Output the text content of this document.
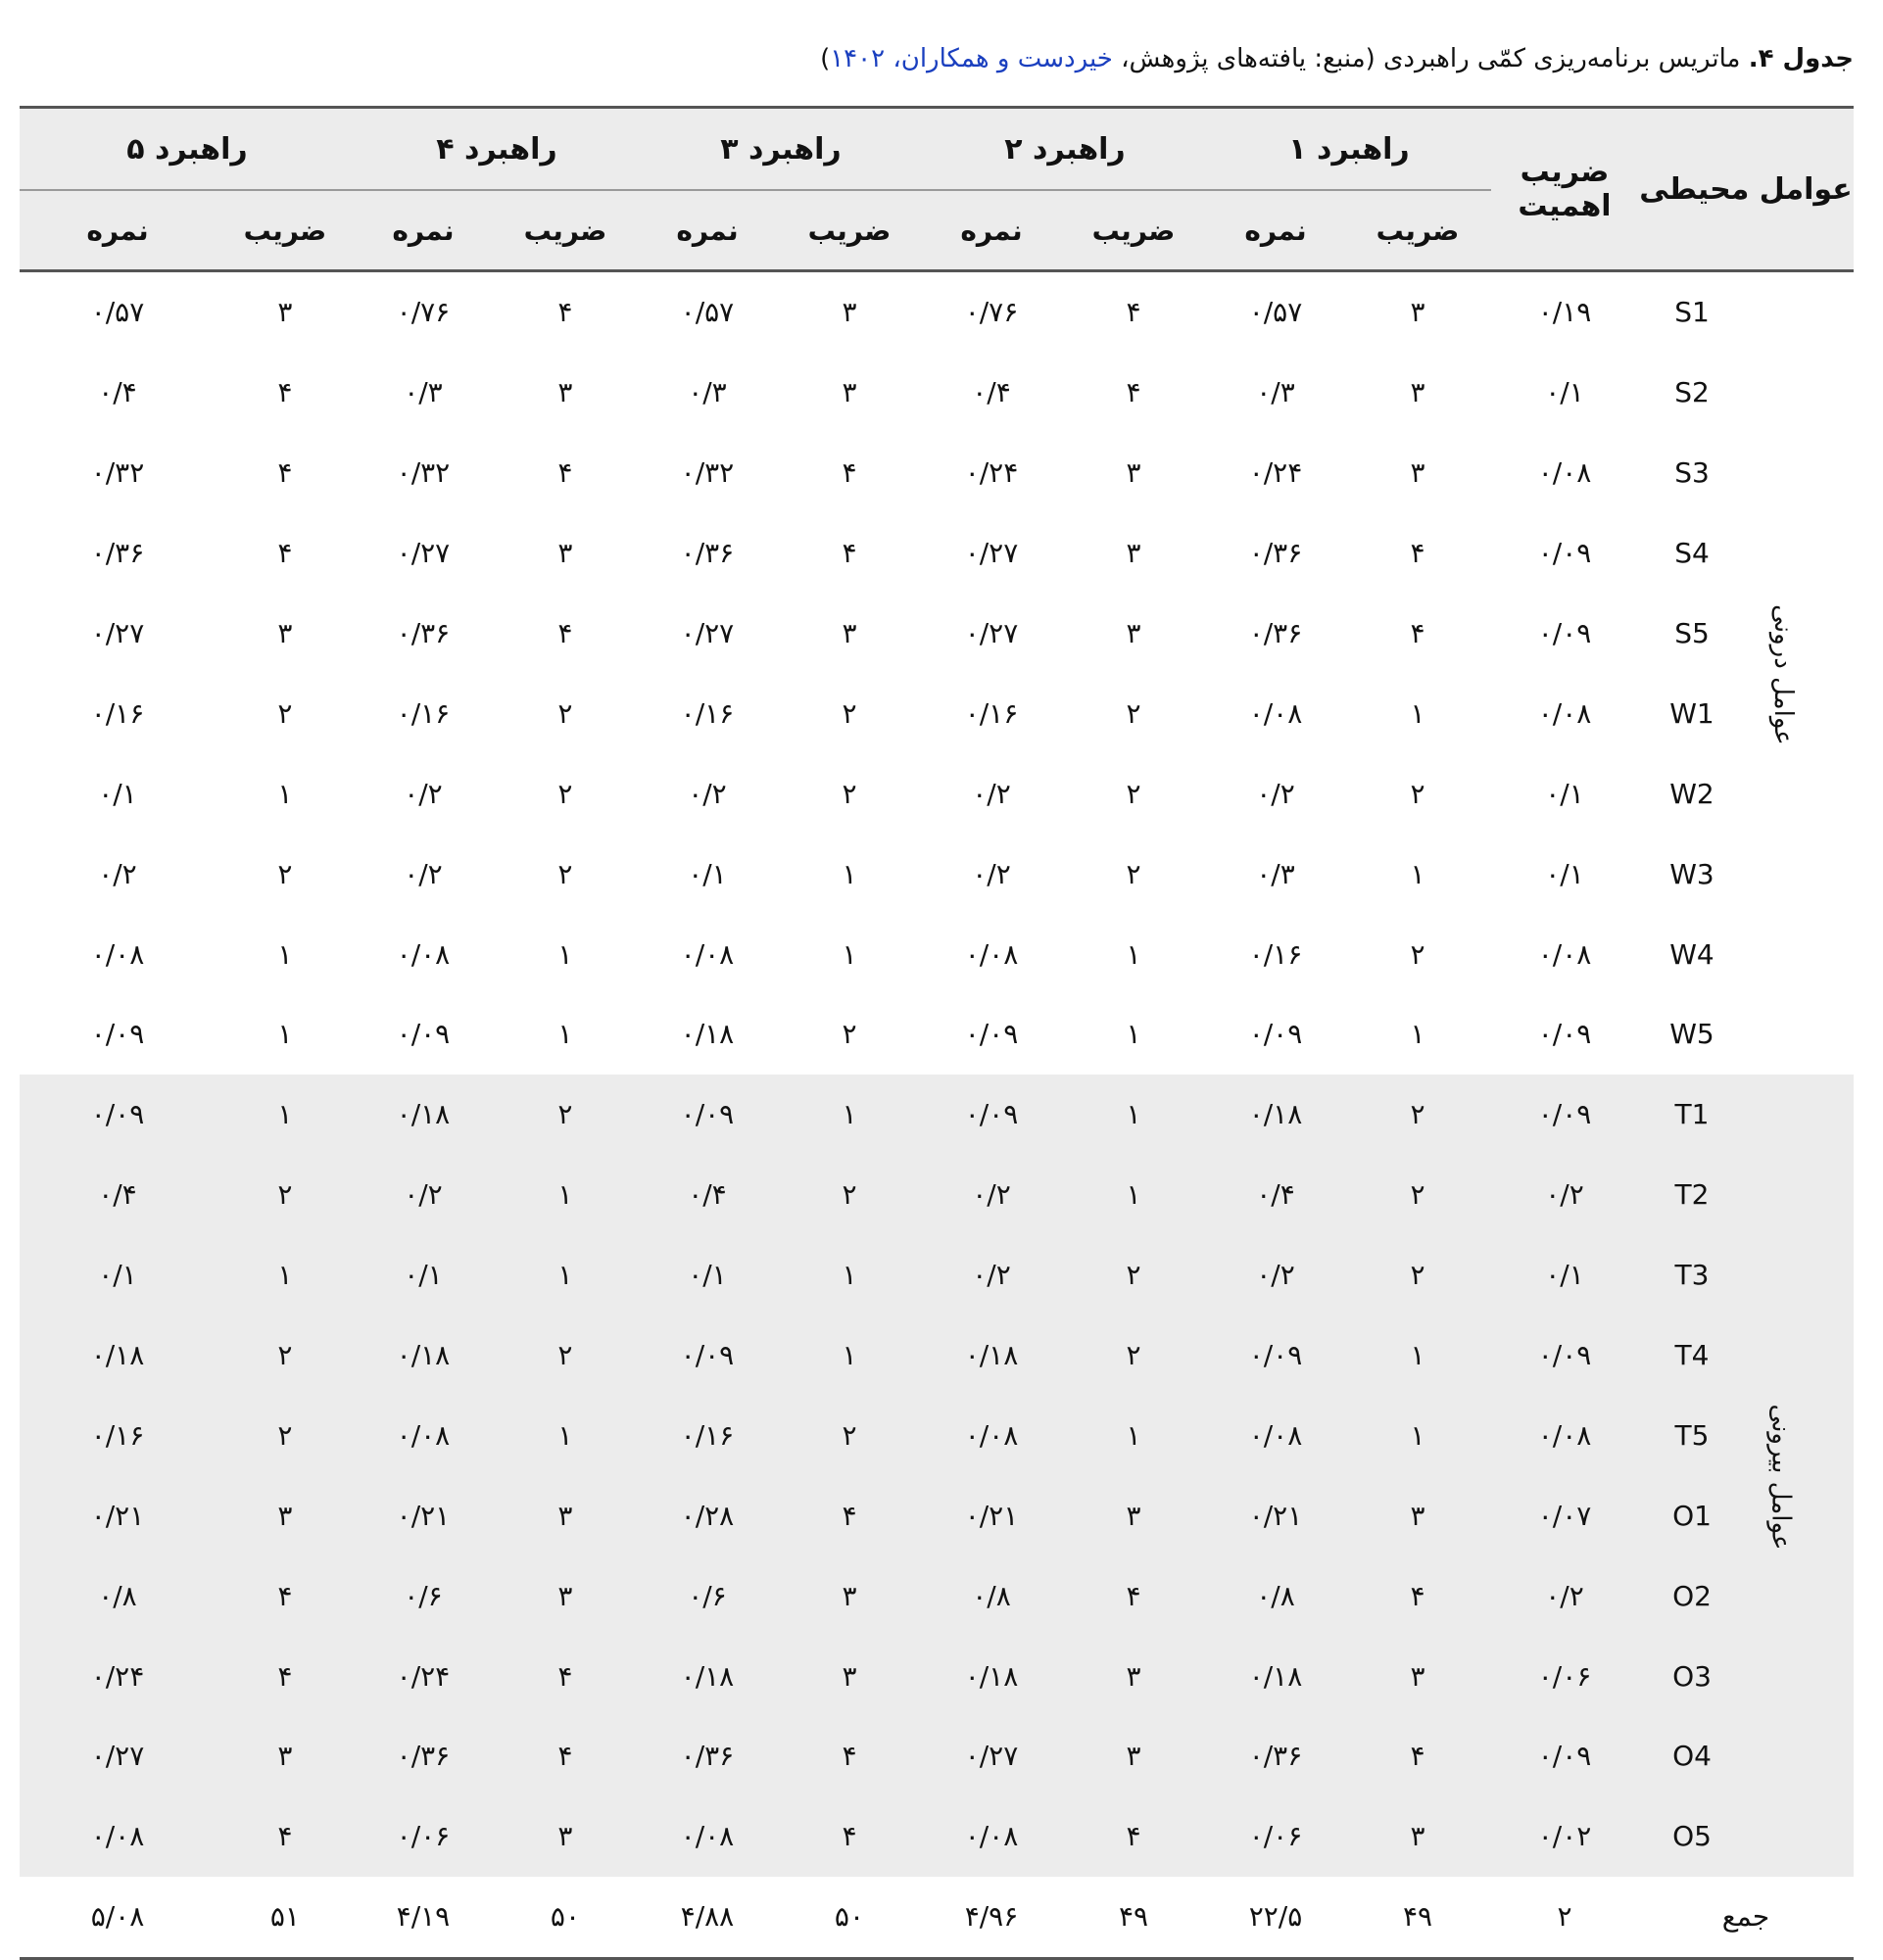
جدول ۴. ماتریس برنامه‌ریزی کمّی راهبردی (منبع: یافته‌های پژوهش، خیردست و همکاران، ۱۴۰۲)
عوامل محیطی		ضریب اهمیت	راهبرد ۱		راهبرد ۲		راهبرد ۳		راهبرد ۴		راهبرد ۵	
			ضریب	نمره	ضریب	نمره	ضریب	نمره	ضریب	نمره	ضریب	نمره
عوامل درونی	S1	۰/۱۹	۳	۰/۵۷	۴	۰/۷۶	۳	۰/۵۷	۴	۰/۷۶	۳	۰/۵۷
	S2	۰/۱	۳	۰/۳	۴	۰/۴	۳	۰/۳	۳	۰/۳	۴	۰/۴
	S3	۰/۰۸	۳	۰/۲۴	۳	۰/۲۴	۴	۰/۳۲	۴	۰/۳۲	۴	۰/۳۲
	S4	۰/۰۹	۴	۰/۳۶	۳	۰/۲۷	۴	۰/۳۶	۳	۰/۲۷	۴	۰/۳۶
	S5	۰/۰۹	۴	۰/۳۶	۳	۰/۲۷	۳	۰/۲۷	۴	۰/۳۶	۳	۰/۲۷
	W1	۰/۰۸	۱	۰/۰۸	۲	۰/۱۶	۲	۰/۱۶	۲	۰/۱۶	۲	۰/۱۶
	W2	۰/۱	۲	۰/۲	۲	۰/۲	۲	۰/۲	۲	۰/۲	۱	۰/۱
	W3	۰/۱	۱	۰/۳	۲	۰/۲	۱	۰/۱	۲	۰/۲	۲	۰/۲
	W4	۰/۰۸	۲	۰/۱۶	۱	۰/۰۸	۱	۰/۰۸	۱	۰/۰۸	۱	۰/۰۸
	W5	۰/۰۹	۱	۰/۰۹	۱	۰/۰۹	۲	۰/۱۸	۱	۰/۰۹	۱	۰/۰۹
عوامل بیرونی	T1	۰/۰۹	۲	۰/۱۸	۱	۰/۰۹	۱	۰/۰۹	۲	۰/۱۸	۱	۰/۰۹
	T2	۰/۲	۲	۰/۴	۱	۰/۲	۲	۰/۴	۱	۰/۲	۲	۰/۴
	T3	۰/۱	۲	۰/۲	۲	۰/۲	۱	۰/۱	۱	۰/۱	۱	۰/۱
	T4	۰/۰۹	۱	۰/۰۹	۲	۰/۱۸	۱	۰/۰۹	۲	۰/۱۸	۲	۰/۱۸
	T5	۰/۰۸	۱	۰/۰۸	۱	۰/۰۸	۲	۰/۱۶	۱	۰/۰۸	۲	۰/۱۶
	O1	۰/۰۷	۳	۰/۲۱	۳	۰/۲۱	۴	۰/۲۸	۳	۰/۲۱	۳	۰/۲۱
	O2	۰/۲	۴	۰/۸	۴	۰/۸	۳	۰/۶	۳	۰/۶	۴	۰/۸
	O3	۰/۰۶	۳	۰/۱۸	۳	۰/۱۸	۳	۰/۱۸	۴	۰/۲۴	۴	۰/۲۴
	O4	۰/۰۹	۴	۰/۳۶	۳	۰/۲۷	۴	۰/۳۶	۴	۰/۳۶	۳	۰/۲۷
	O5	۰/۰۲	۳	۰/۰۶	۴	۰/۰۸	۴	۰/۰۸	۳	۰/۰۶	۴	۰/۰۸
جمع		۲	۴۹	۲۲/۵	۴۹	۴/۹۶	۵۰	۴/۸۸	۵۰	۴/۱۹	۵۱	۵/۰۸
